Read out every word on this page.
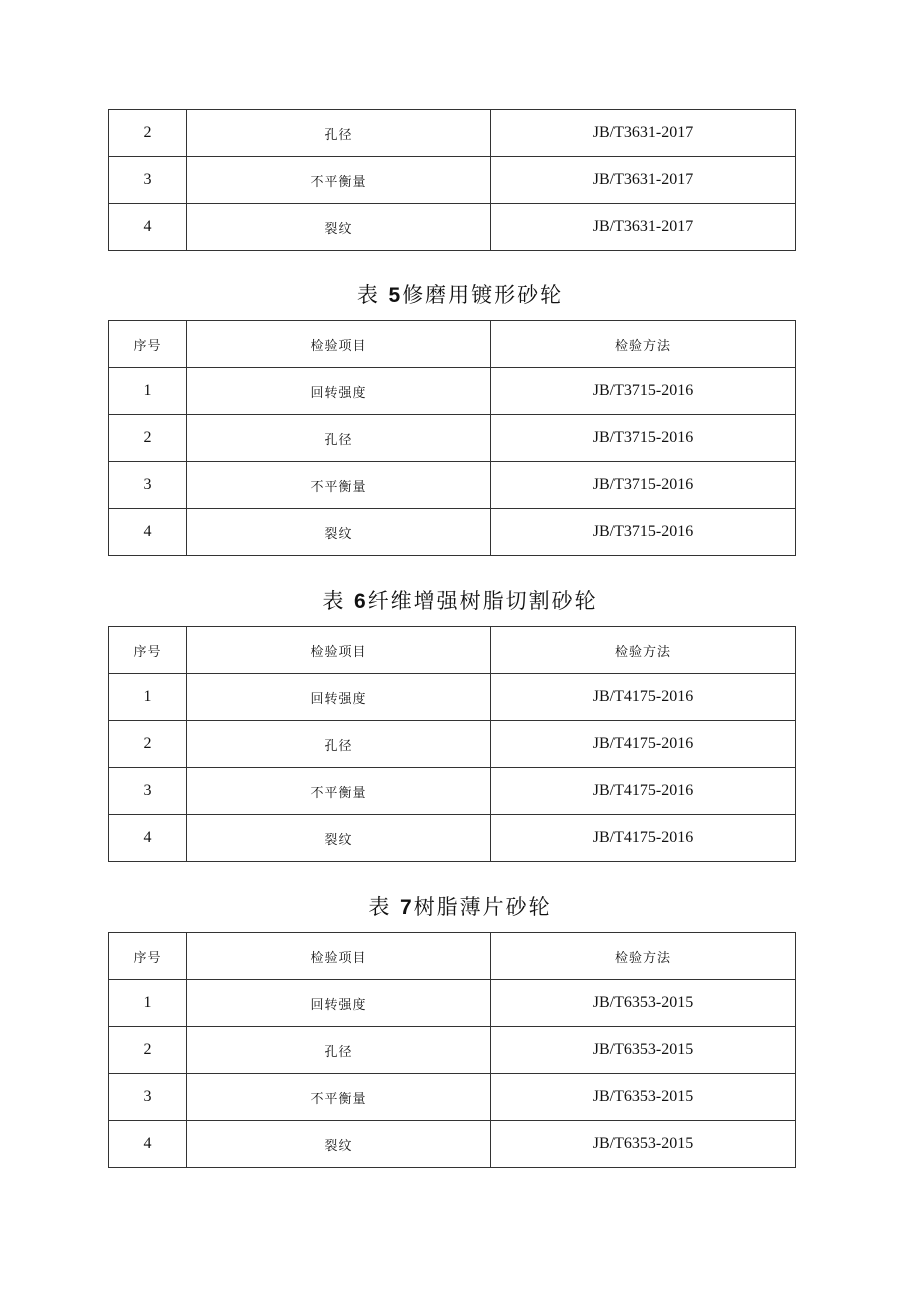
2	孔径	JB/T3631-2017
3	不平衡量	JB/T3631-2017
4	裂纹	JB/T3631-2017
表 5修磨用镀形砂轮
序号	检验项目	检验方法
1	回转强度	JB/T3715-2016
2	孔径	JB/T3715-2016
3	不平衡量	JB/T3715-2016
4	裂纹	JB/T3715-2016
表 6纤维增强树脂切割砂轮
序号	检验项目	检验方法
1	回转强度	JB/T4175-2016
2	孔径	JB/T4175-2016
3	不平衡量	JB/T4175-2016
4	裂纹	JB/T4175-2016
表 7树脂薄片砂轮
序号	检验项目	检验方法
1	回转强度	JB/T6353-2015
2	孔径	JB/T6353-2015
3	不平衡量	JB/T6353-2015
4	裂纹	JB/T6353-2015
